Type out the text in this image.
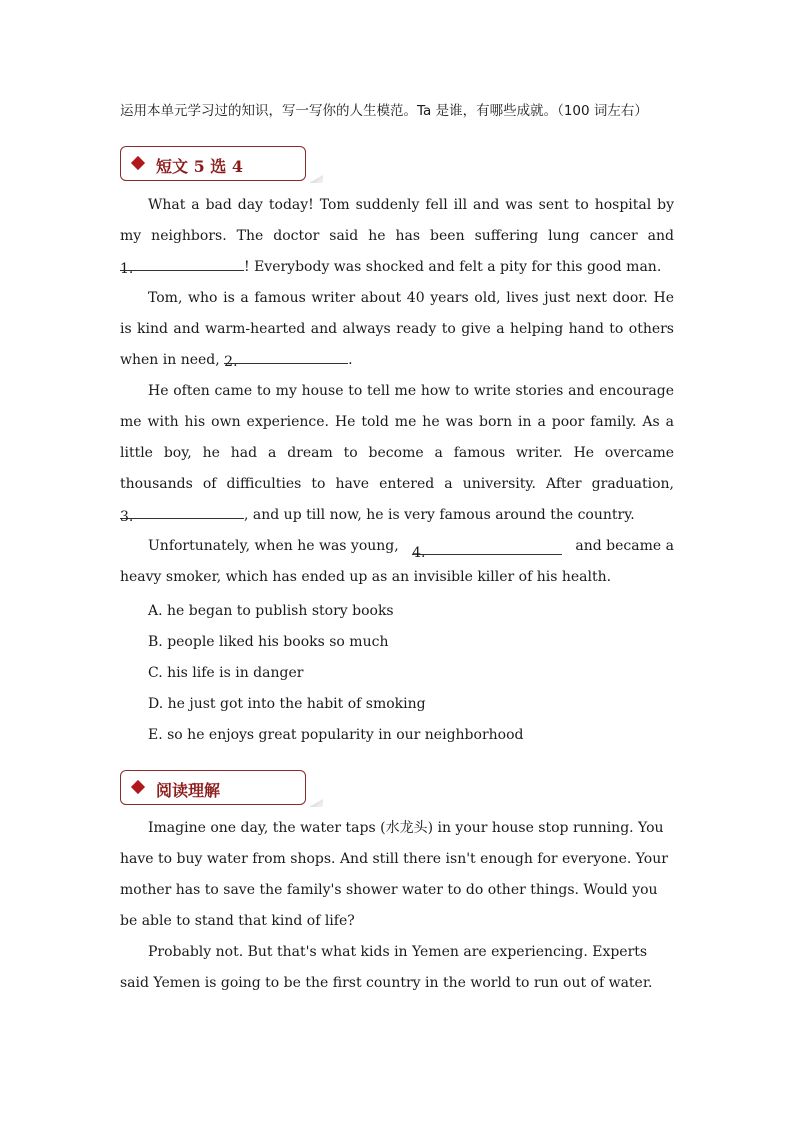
运用本单元学习过的知识，写一写你的人生模范。Ta 是谁，有哪些成就。（100 词左右）
短文 5 选 4
What a bad day today! Tom suddenly fell ill and was sent to hospital by
my neighbors. The doctor said he has been suffering lung cancer and
1.	! Everybody was shocked and felt a pity for this good man.
Tom, who is a famous writer about 40 years old, lives just next door. He
is kind and warm-hearted and always ready to give a helping hand to others
when in need, 2.	.
He often came to my house to tell me how to write stories and encourage
me with his own experience. He told me he was born in a poor family. As a
little boy, he had a dream to become a famous writer. He overcame
thousands of difficulties to have entered a university. After graduation,
3.	, and up till now, he is very famous around the country.
Unfortunately, when he was young, 4.	and became a
heavy smoker, which has ended up as an invisible killer of his health.
A. he began to publish story books
B. people liked his books so much
C. his life is in danger
D. he just got into the habit of smoking
E. so he enjoys great popularity in our neighborhood
阅读理解
Imagine one day, the water taps (水龙头) in your house stop running. You
have to buy water from shops. And still there isn't enough for everyone. Your
mother has to save the family's shower water to do other things. Would you
be able to stand that kind of life?
Probably not. But that's what kids in Yemen are experiencing. Experts
said Yemen is going to be the first country in the world to run out of water.
